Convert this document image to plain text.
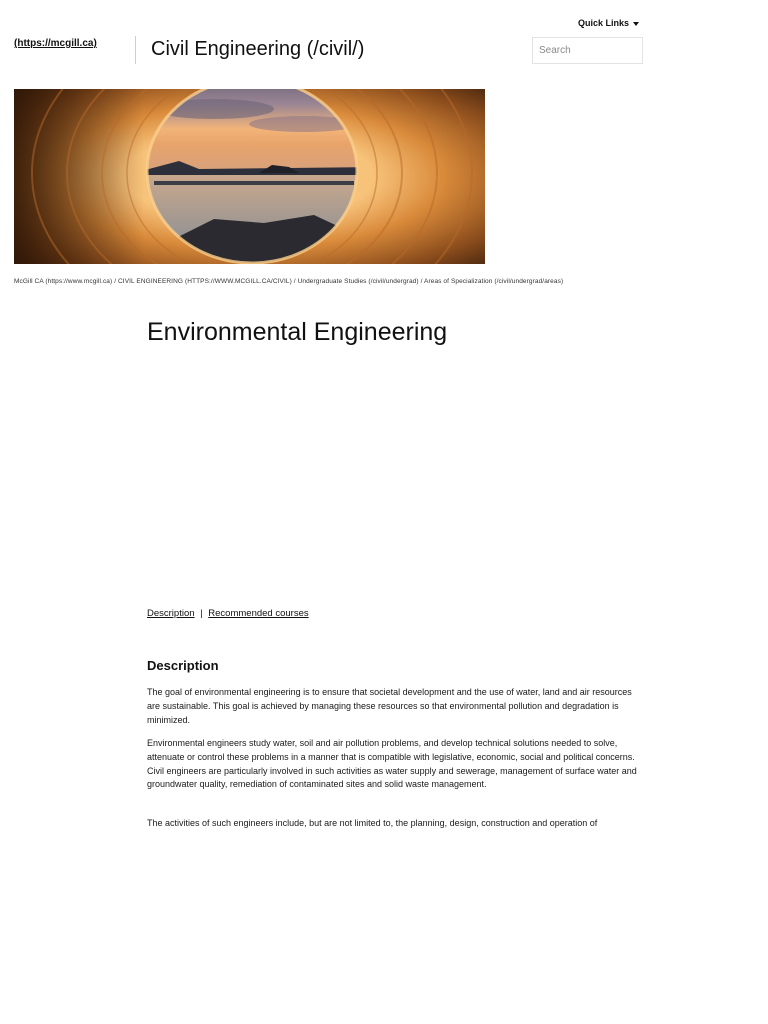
Quick Links
(https://mcgill.ca)	Civil Engineering (/civil/)
Search
McGill CA (https://www.mcgill.ca) / CIVIL ENGINEERING (HTTPS://WWW.MCGILL.CA/CIVIL) / Undergraduate Studies (/civil/undergrad) / Areas of Specialization (/civil/undergrad/areas)
Environmental Engineering
Description | Recommended courses
Description

The goal of environmental engineering is to ensure that societal development and the use of water, land and air resources are sustainable. This goal is achieved by managing these resources so that environmental pollution and degradation is minimized.

Environmental engineers study water, soil and air pollution problems, and develop technical solutions needed to solve, attenuate or control these problems in a manner that is compatible with legislative, economic, social and political concerns. Civil engineers are particularly involved in such activities as water supply and sewerage, management of surface water and groundwater quality, remediation of contaminated sites and solid waste management.

The activities of such engineers include, but are not limited to, the planning, design, construction and operation of
